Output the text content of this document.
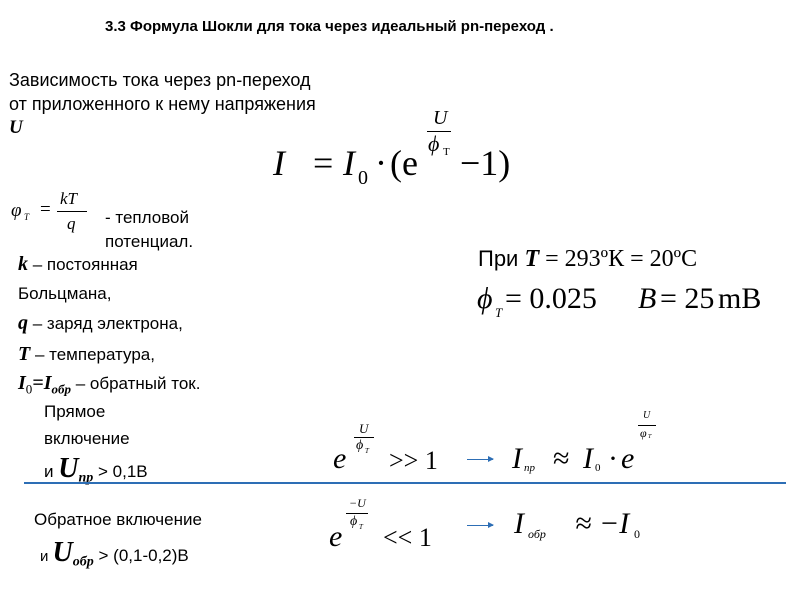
3.3 Формула Шокли для тока через идеальный pn-переход .
Зависимость тока через pn-переход
от приложенного к нему напряжения
U
I = I 0 · (e
U
ϕ T −1)
φ T =
kT
q - тепловой
потенциал.
k – постоянная
Больцмана,
q – заряд электрона,
T – температура,
$I_0=I_{обр}$ – обратный ток.
При T = 293ºК = 20ºС
ϕ T = 0.025 B = 25 mB
Прямое
включение
и $U_{пр} > 0,1В$	e
U
ϕ T >> 1 I пр ≈ I 0 · e
U
φ T
Обратное включение
и $U_{обр} > (0,1-0,2)В$
e
−U
ϕ T << 1	I обр ≈ −I 0
